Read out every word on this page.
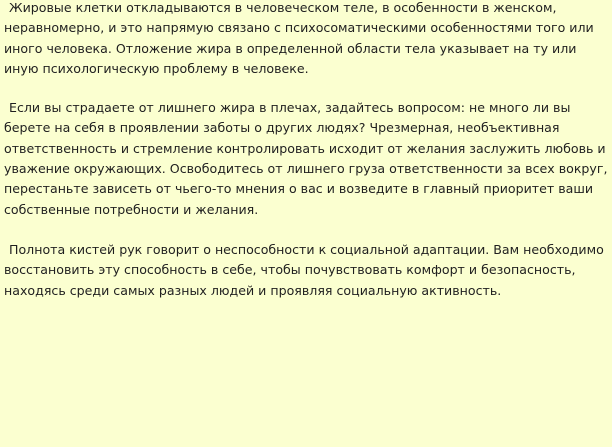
Жировые клетки откладываются в человеческом теле, в особенности в женском, неравномерно, и это напрямую связано с психосоматическими особенностями того или иного человека. Отложение жира в определенной области тела указывает на ту или иную психологическую проблему в человеке.

Если вы страдаете от лишнего жира в плечах, задайтесь вопросом: не много ли вы берете на себя в проявлении заботы о других людях? Чрезмерная, необъективная ответственность и стремление контролировать исходит от желания заслужить любовь и уважение окружающих. Освободитесь от лишнего груза ответственности за всех вокруг, перестаньте зависеть от чьего-то мнения о вас и возведите в главный приоритет ваши собственные потребности и желания.

Полнота кистей рук говорит о неспособности к социальной адаптации. Вам необходимо восстановить эту способность в себе, чтобы почувствовать комфорт и безопасность, находясь среди самых разных людей и проявляя социальную активность.
